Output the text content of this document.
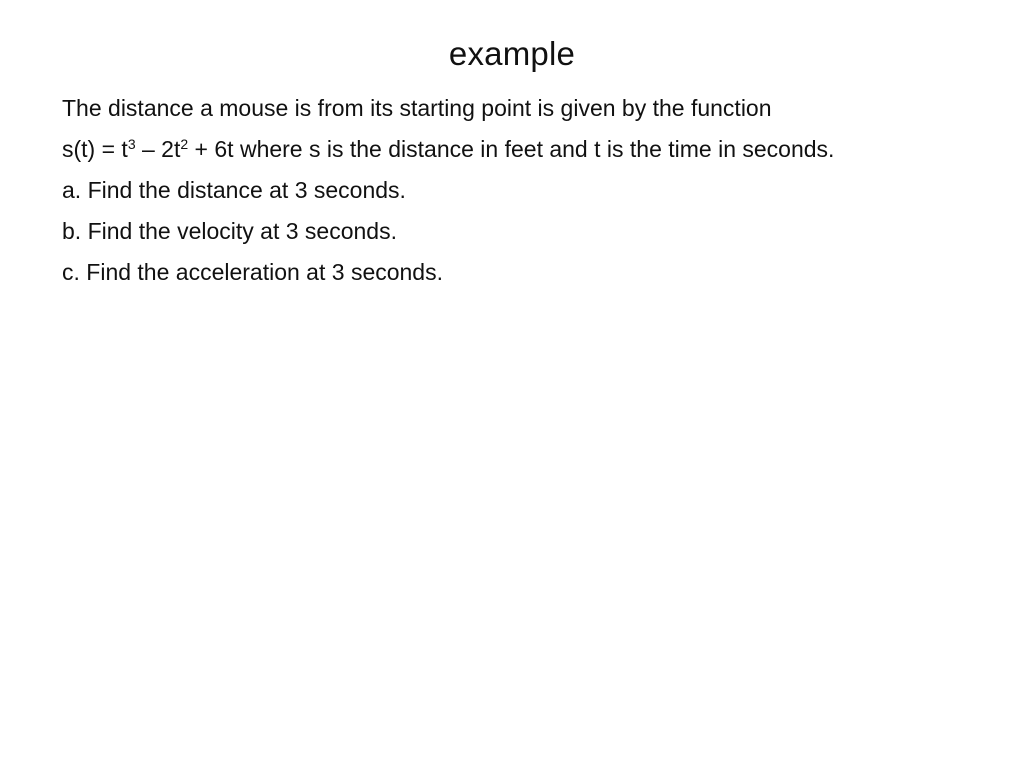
example
The distance a mouse is from its starting point is given by the function
$s(t) = t^3 - 2t^2 + 6t$ where s is the distance in feet and t is the time in seconds.
a. Find the distance at 3 seconds.
b. Find the velocity at 3 seconds.
c. Find the acceleration at 3 seconds.
